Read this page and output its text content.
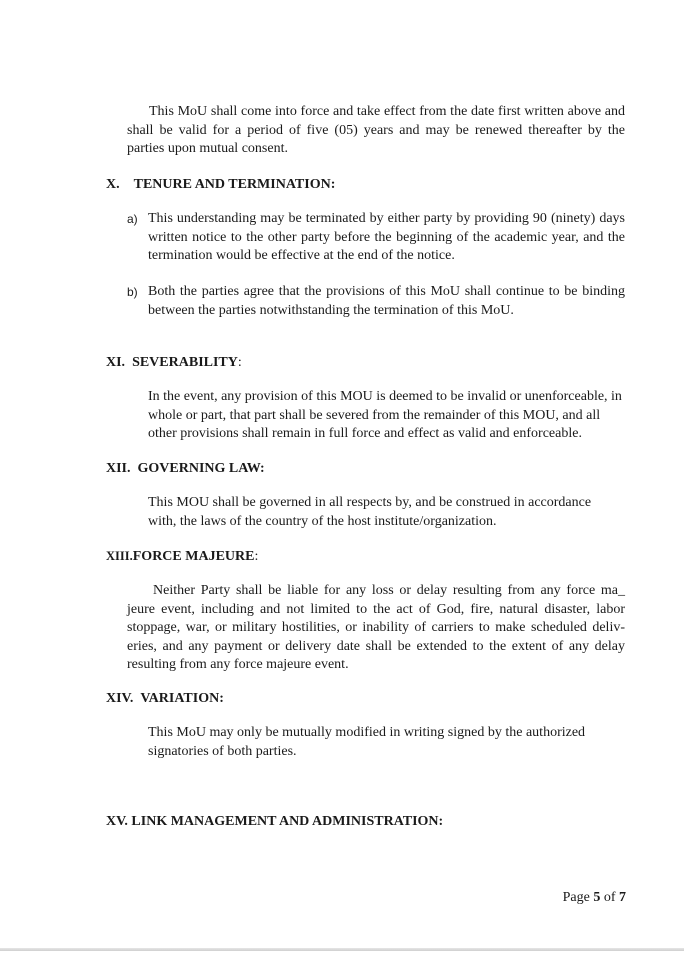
This MoU shall come into force and take effect from the date first written above and shall be valid for a period of five (05) years and may be renewed thereafter by the parties upon mutual consent.
X. TENURE AND TERMINATION:
a) This understanding may be terminated by either party by providing 90 (ninety) days written notice to the other party before the beginning of the academic year, and the termination would be effective at the end of the notice.
b) Both the parties agree that the provisions of this MoU shall continue to be binding between the parties notwithstanding the termination of this MoU.
XI. SEVERABILITY:
In the event, any provision of this MOU is deemed to be invalid or unenforceable, in whole or part, that part shall be severed from the remainder of this MOU, and all other provisions shall remain in full force and effect as valid and enforceable.
XII. GOVERNING LAW:
This MOU shall be governed in all respects by, and be construed in accordance with, the laws of the country of the host institute/organization.
XIII.FORCE MAJEURE:
Neither Party shall be liable for any loss or delay resulting from any force ma_ jeure event, including and not limited to the act of God, fire, natural disaster, labor stoppage, war, or military hostilities, or inability of carriers to make scheduled deliv- eries, and any payment or delivery date shall be extended to the extent of any delay resulting from any force majeure event.
XIV. VARIATION:
This MoU may only be mutually modified in writing signed by the authorized signatories of both parties.
XV. LINK MANAGEMENT AND ADMINISTRATION:
Page 5 of 7
